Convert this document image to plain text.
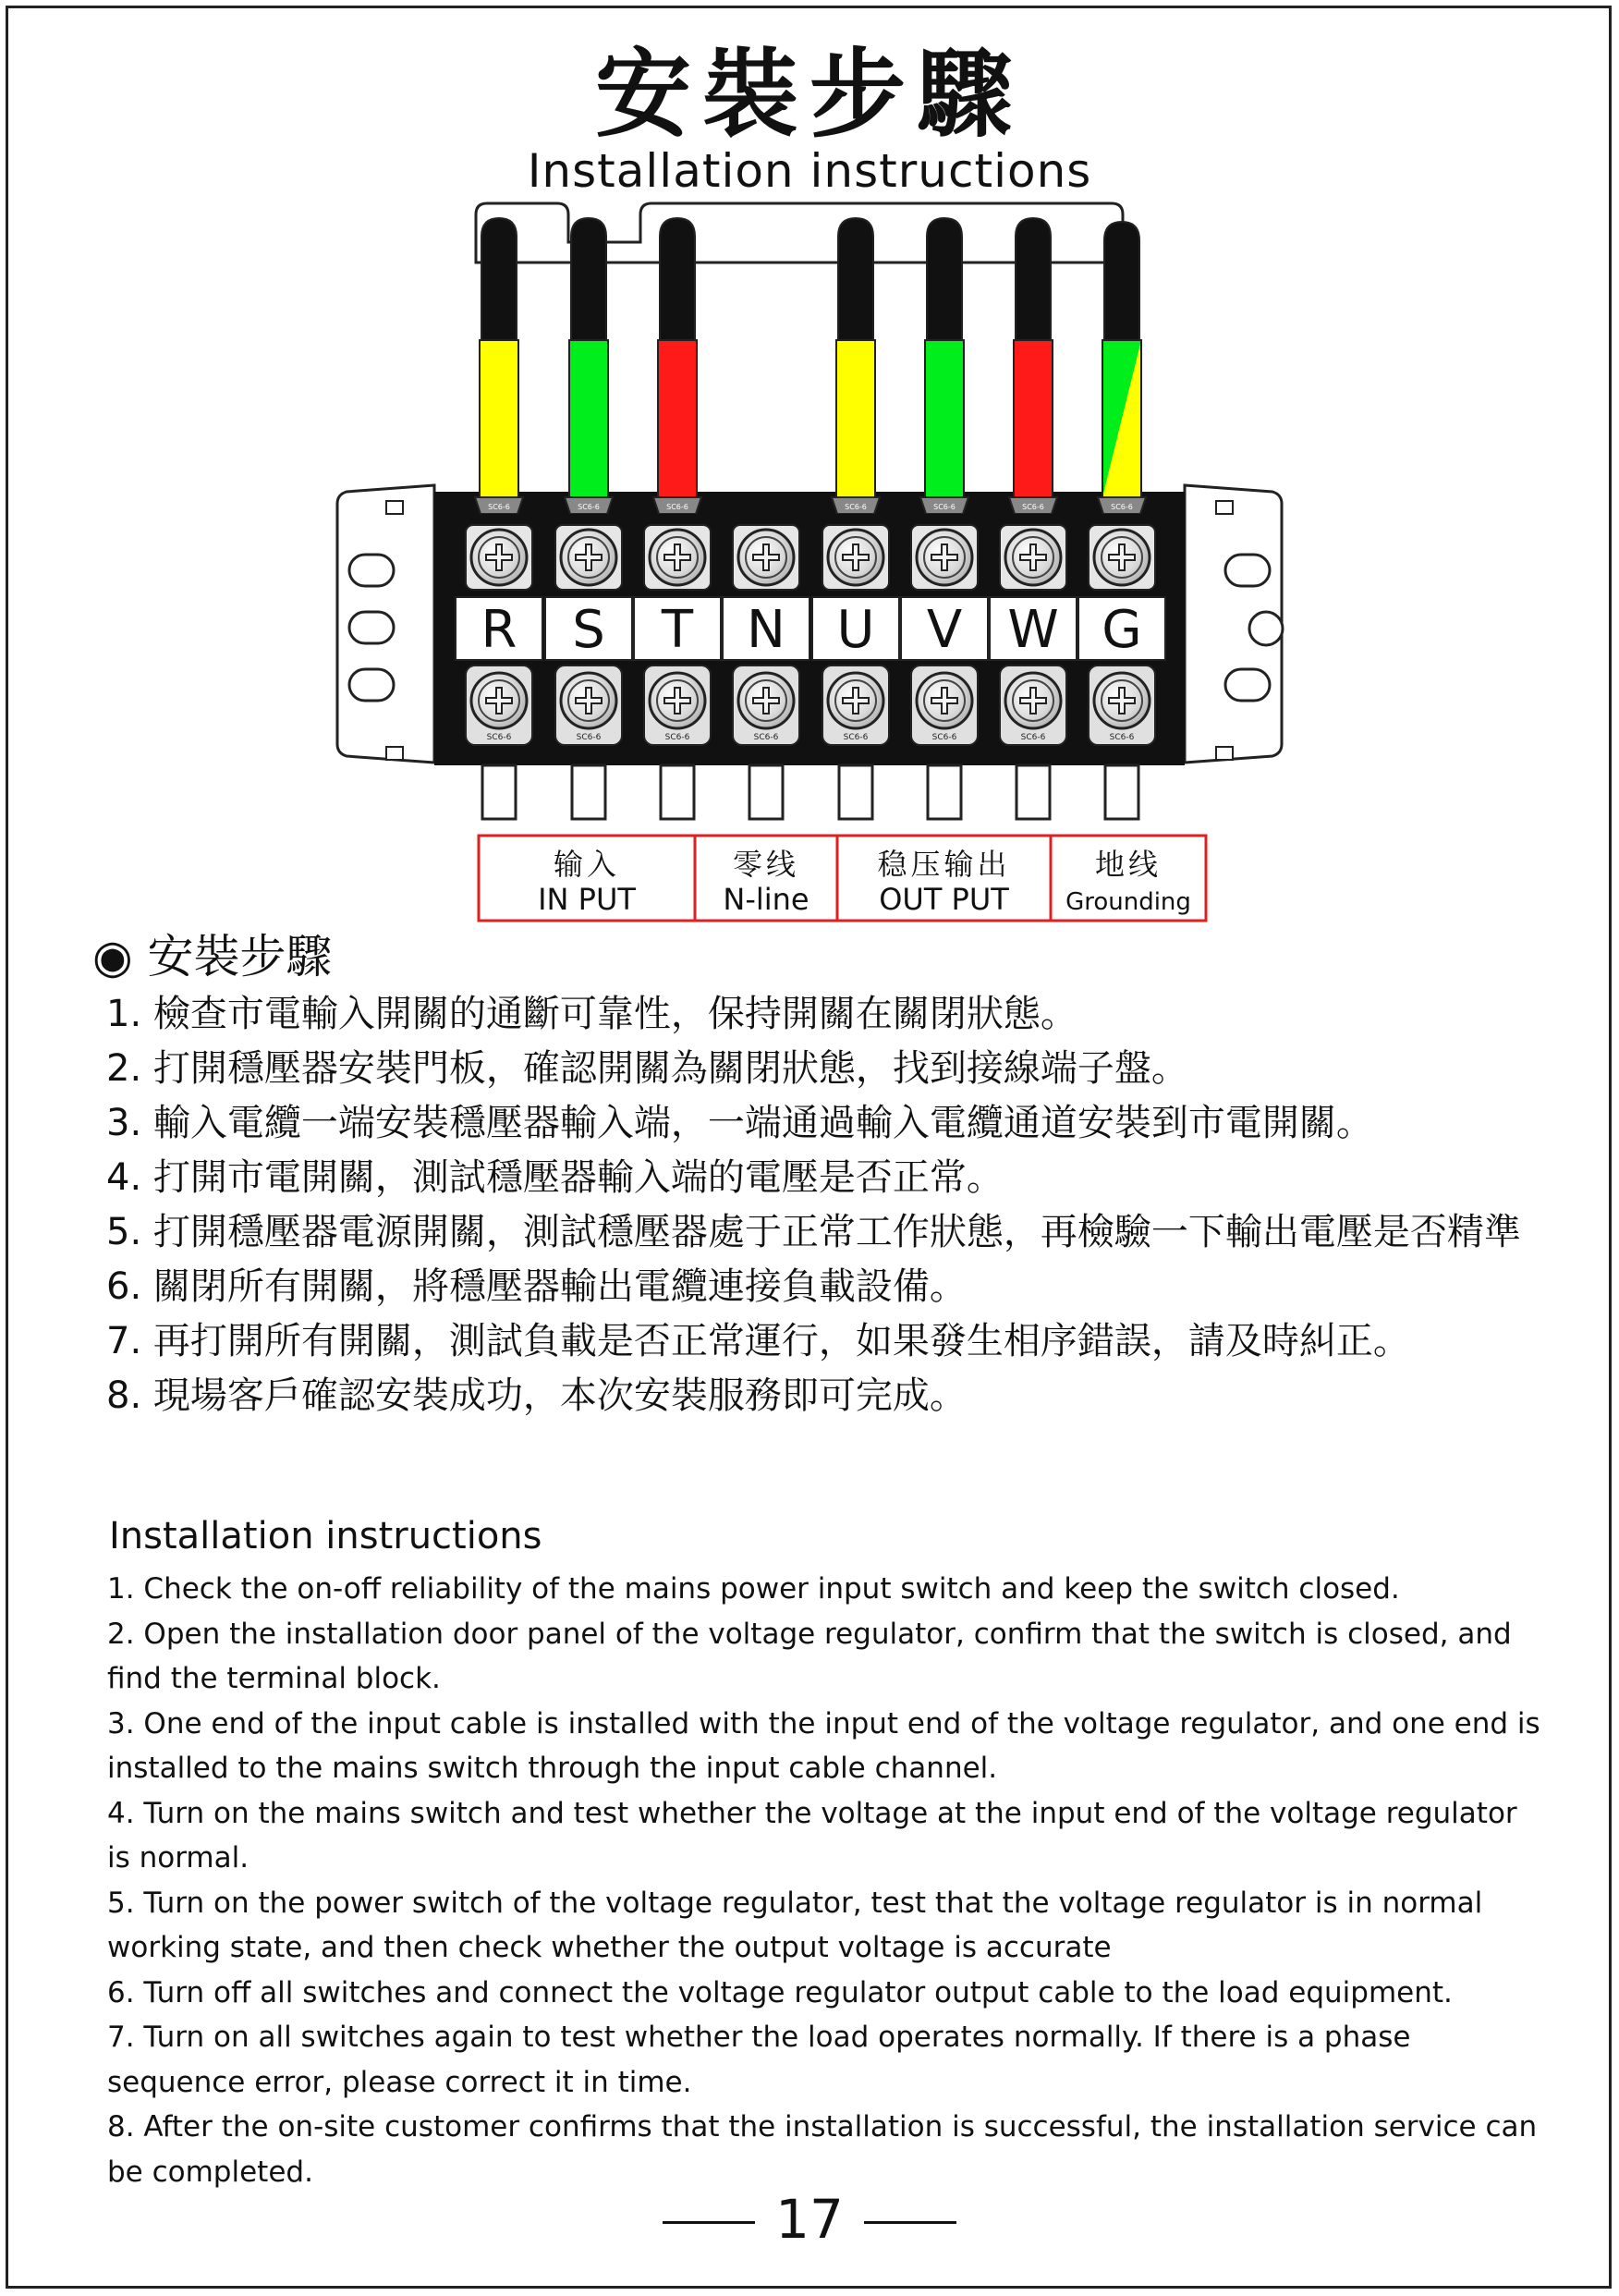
安裝步驟
Installation instructions
SC6-6	SC6-6	SC6-6	SC6-6	SC6-6	SC6-6	SC6-6
R
SC6-6
S
SC6-6
T
SC6-6
N
SC6-6
U
SC6-6
V
SC6-6
W
SC6-6
G
SC6-6
输入
IN PUT
零线
N-line
稳压输出
OUT PUT
地线
Grounding
◉ 安裝步驟
1. 檢查市電輸入開關的通斷可靠性，保持開關在關閉狀態。
2. 打開穩壓器安裝門板，確認開關為關閉狀態，找到接線端子盤。
3. 輸入電纜一端安裝穩壓器輸入端，一端通過輸入電纜通道安裝到市電開關。
4. 打開市電開關，測試穩壓器輸入端的電壓是否正常。
5. 打開穩壓器電源開關，測試穩壓器處于正常工作狀態，再檢驗一下輸出電壓是否精準
6. 關閉所有開關，將穩壓器輸出電纜連接負載設備。
7. 再打開所有開關，測試負載是否正常運行，如果發生相序錯誤，請及時糾正。
8. 現場客戶確認安裝成功，本次安裝服務即可完成。
Installation instructions
1. Check the on-off reliability of the mains power input switch and keep the switch closed.
2. Open the installation door panel of the voltage regulator, confirm that the switch is closed, and find the terminal block.
3. One end of the input cable is installed with the input end of the voltage regulator, and one end is installed to the mains switch through the input cable channel.
4. Turn on the mains switch and test whether the voltage at the input end of the voltage regulator is normal.
5. Turn on the power switch of the voltage regulator, test that the voltage regulator is in normal working state, and then check whether the output voltage is accurate
6. Turn off all switches and connect the voltage regulator output cable to the load equipment.
7. Turn on all switches again to test whether the load operates normally. If there is a phase sequence error, please correct it in time.
8. After the on-site customer confirms that the installation is successful, the installation service can be completed.
17
